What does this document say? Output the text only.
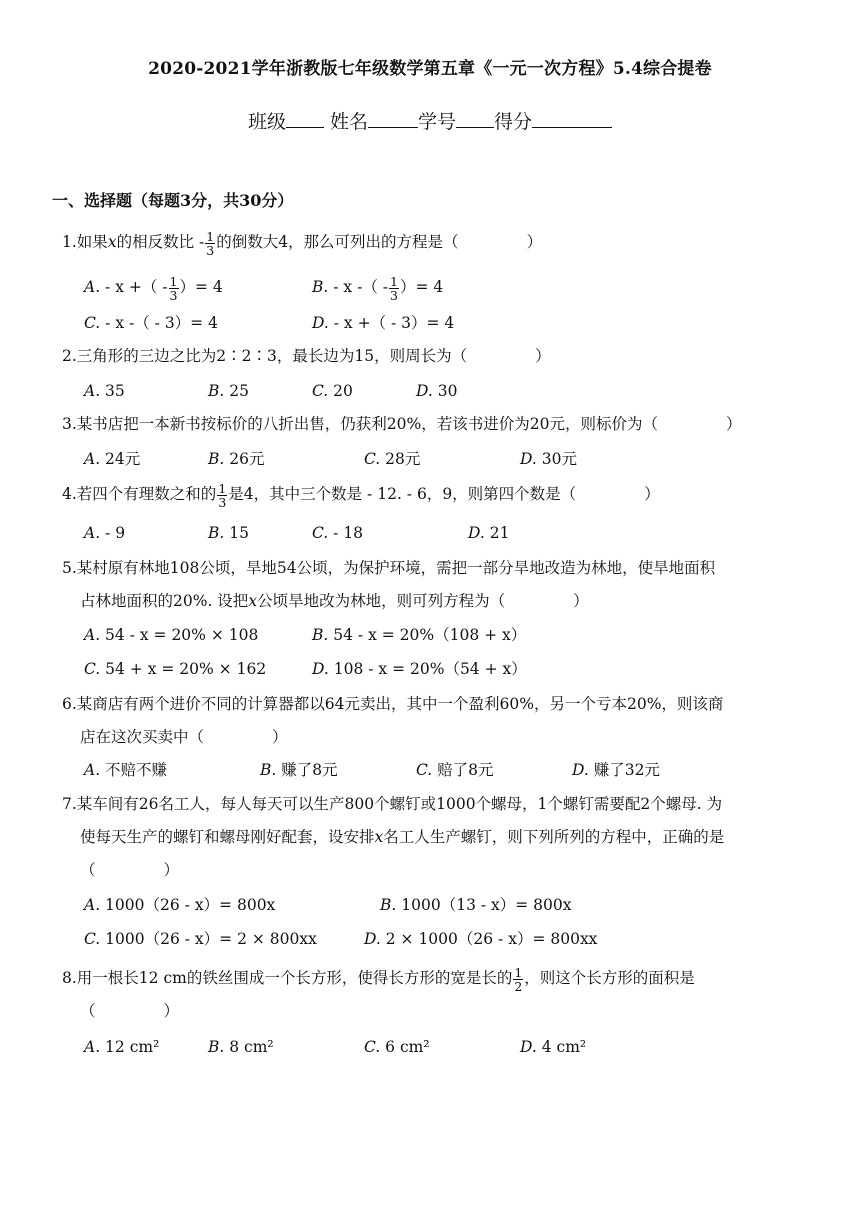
2020-2021学年浙教版七年级数学第五章《一元一次方程》5.4综合提卷
班级 姓名	学号 得分
一、选择题（每题3分，共30分）
1.如果x的相反数比 - $\frac{1}{3}$ 的倒数大4，那么可列出的方程是（	）
A. - x +（ - $\frac{1}{3}$ ）= 4	B. - x -（ - $\frac{1}{3}$ ）= 4
C. - x -（ - 3）= 4	D. - x +（ - 3）= 4
2.三角形的三边之比为2∶2∶3，最长边为15，则周长为（	）
A. 35	B. 25	C. 20	D. 30
3.某书店把一本新书按标价的八折出售，仍获利20%，若该书进价为20元，则标价为（	）
A. 24元	B. 26元	C. 28元	D. 30元
4.若四个有理数之和的 $\frac{1}{3}$ 是4，其中三个数是 - 12. - 6，9，则第四个数是（	）
A. - 9	B. 15	C. - 18	D. 21
5.某村原有林地108公顷，旱地54公顷，为保护环境，需把一部分旱地改造为林地，使旱地面积
占林地面积的20%. 设把x公顷旱地改为林地，则可列方程为（	）
A. 54 - x = 20% × 108	B. 54 - x = 20%（108 + x）
C. 54 + x = 20% × 162	D. 108 - x = 20%（54 + x）
6.某商店有两个进价不同的计算器都以64元卖出，其中一个盈利60%，另一个亏本20%，则该商
店在这次买卖中（	）
A. 不赔不赚	B. 赚了8元	C. 赔了8元	D. 赚了32元
7.某车间有26名工人，每人每天可以生产800个螺钉或1000个螺母，1个螺钉需要配2个螺母. 为
使每天生产的螺钉和螺母刚好配套，设安排x名工人生产螺钉，则下列所列的方程中，正确的是
（	）
A. 1000（26 - x）= 800x	B. 1000（13 - x）= 800x
C. 1000（26 - x）= 2 × 800xx	D. 2 × 1000（26 - x）= 800xx
8.用一根长12 cm的铁丝围成一个长方形，使得长方形的宽是长的 $\frac{1}{2}$ ，则这个长方形的面积是
（	）
A. 12 cm²	B. 8 cm²	C. 6 cm²	D. 4 cm²
